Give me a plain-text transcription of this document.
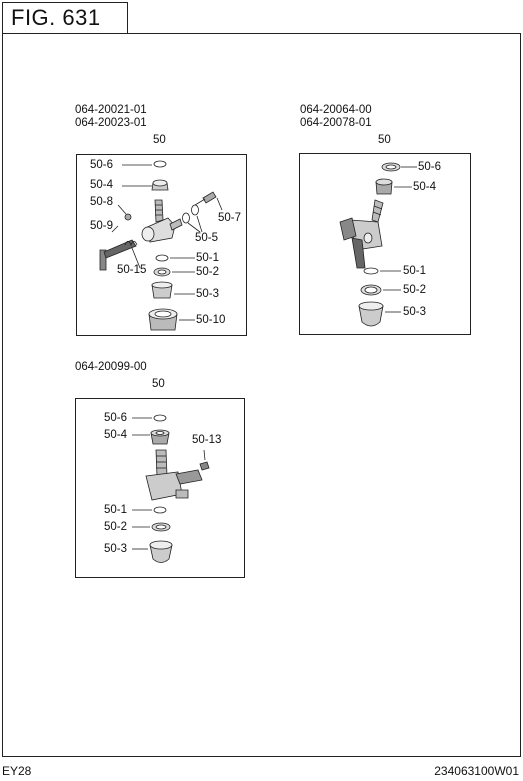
FIG. 631
EY28	234063100W01
064-20021-01
064-20023-01
50
50-6
50-4
50-8
50-9
50-7
50-5
50-15
50-1
50-2
50-3
50-10
064-20064-00
064-20078-01
50
50-6
50-4
50-1
50-2
50-3
064-20099-00
50
50-6
50-4	50-13
50-1
50-2
50-3
